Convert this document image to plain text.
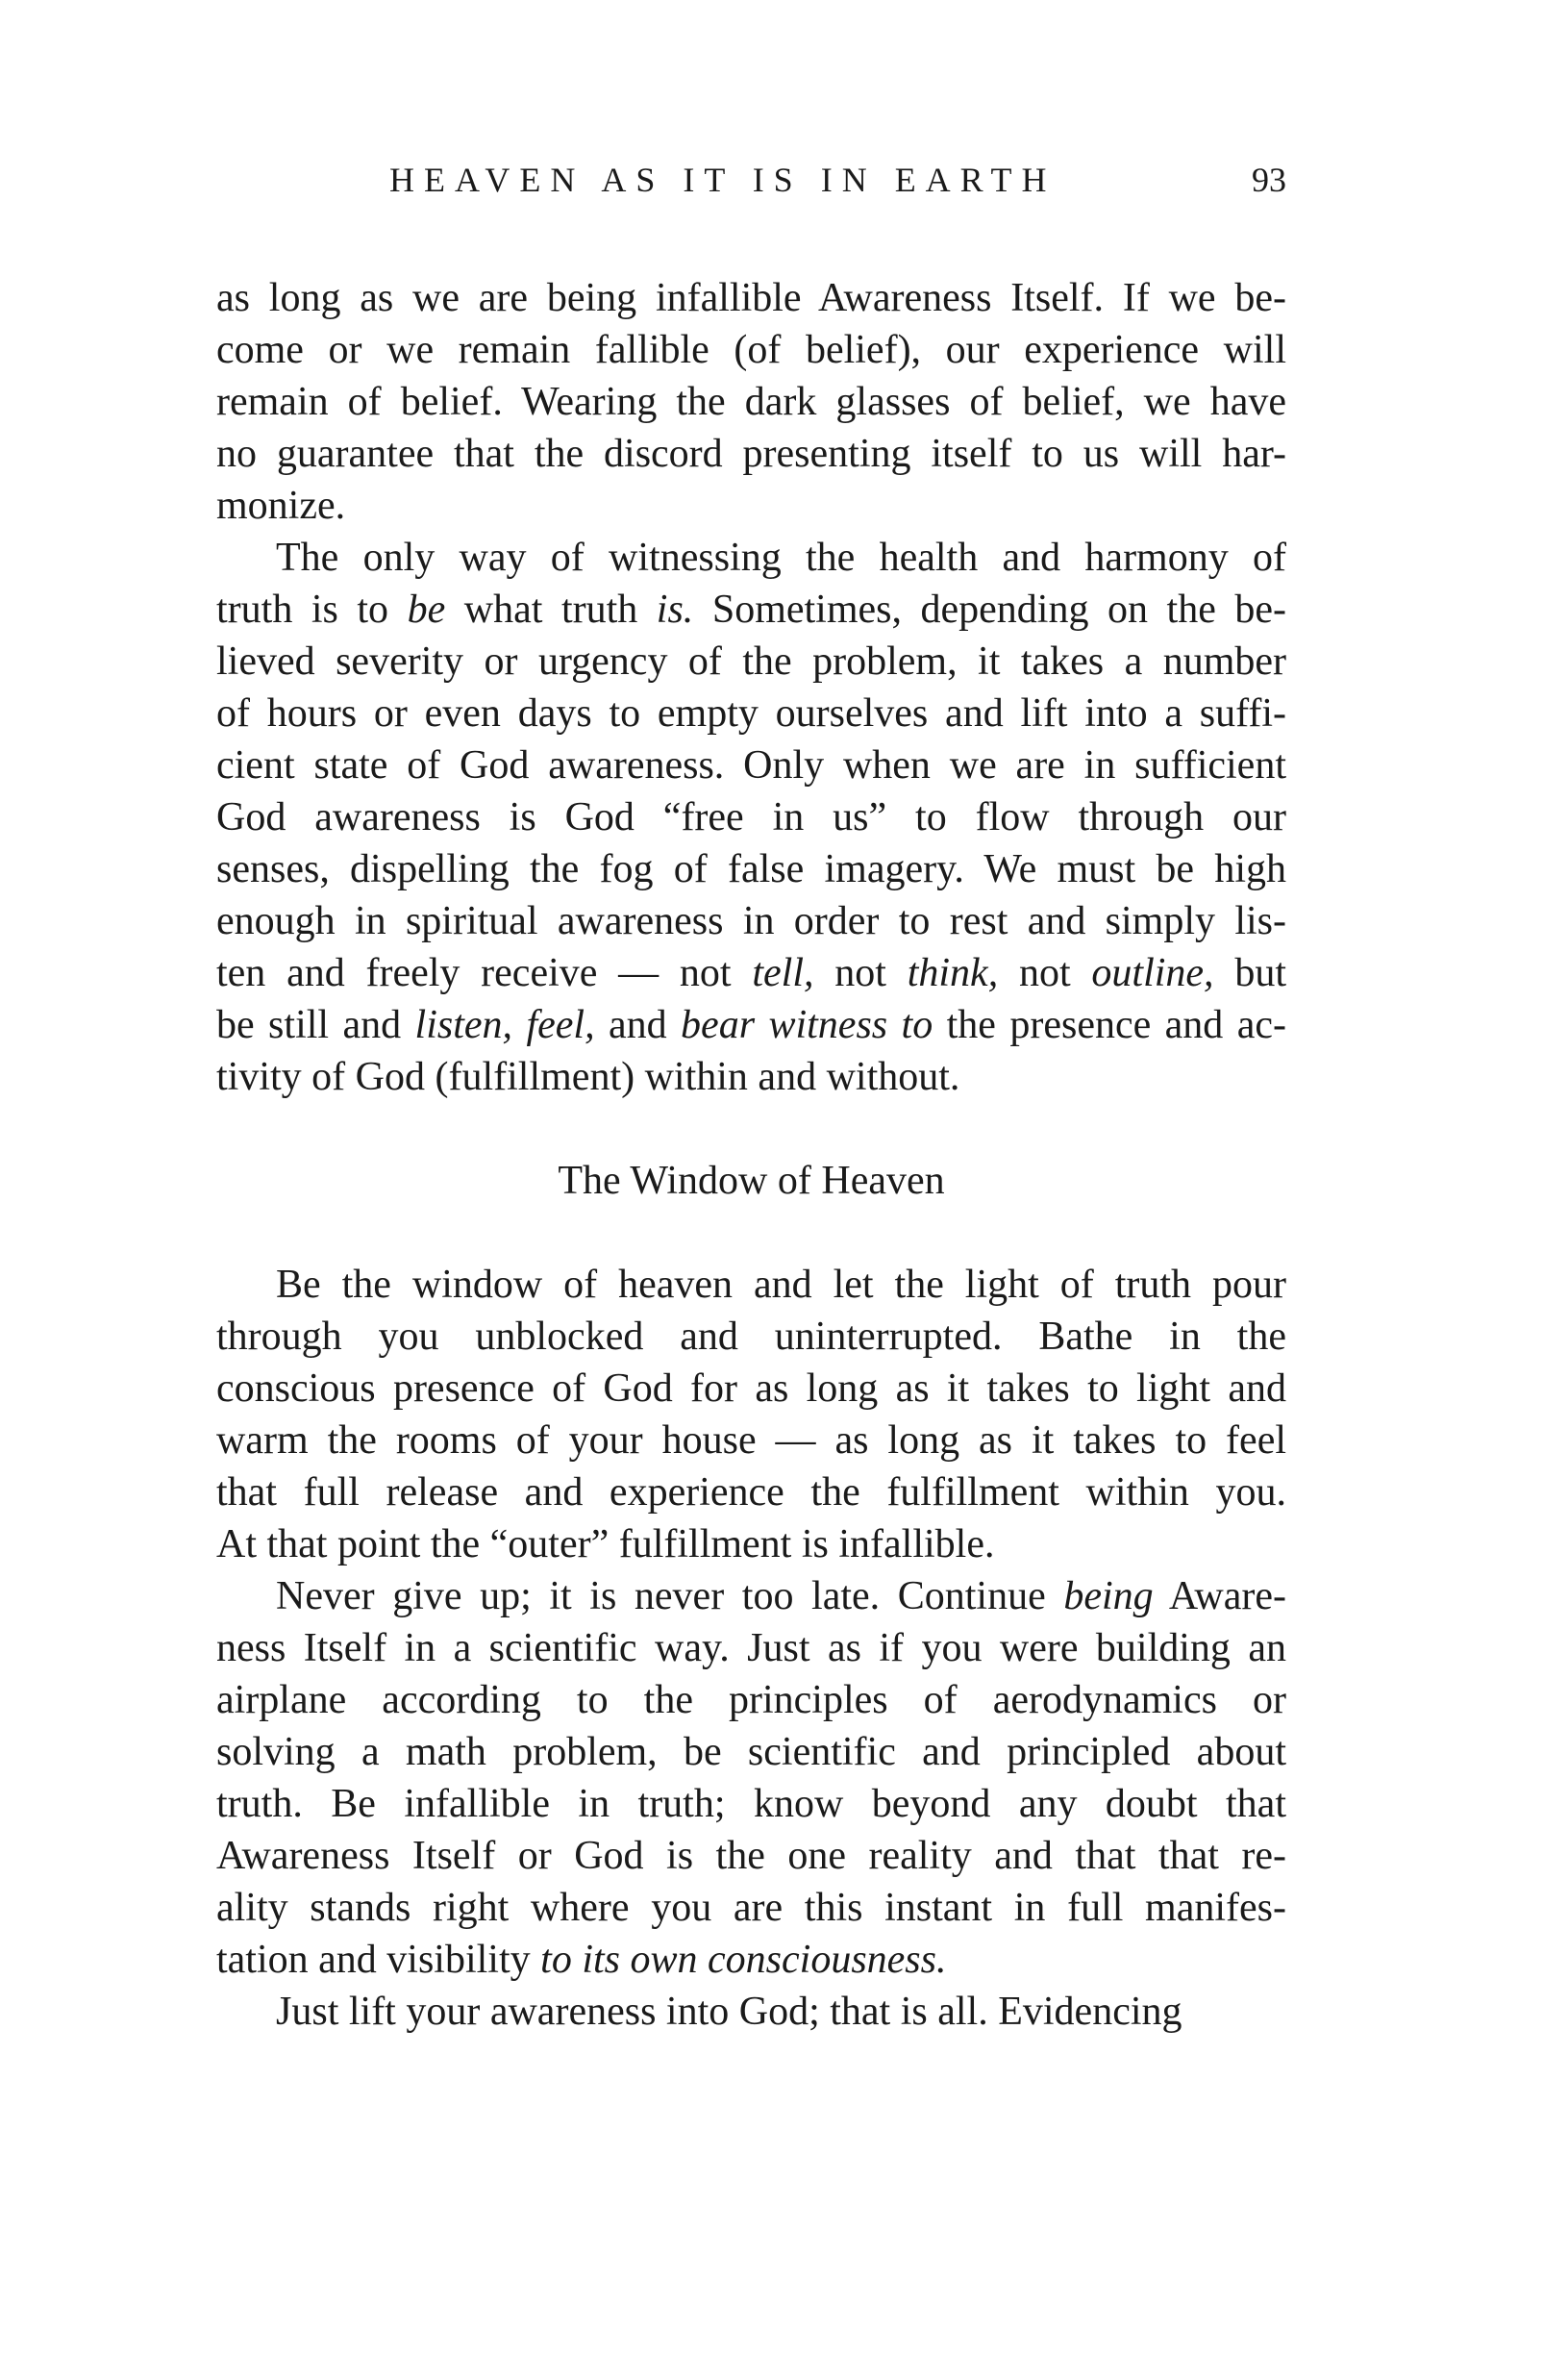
HEAVEN AS IT IS IN EARTH	93
as long as we are being infallible Awareness Itself. If we be-
come or we remain fallible (of belief), our experience will
remain of belief. Wearing the dark glasses of belief, we have
no guarantee that the discord presenting itself to us will har-
monize.
The only way of witnessing the health and harmony of
truth is to be what truth is. Sometimes, depending on the be-
lieved severity or urgency of the problem, it takes a number
of hours or even days to empty ourselves and lift into a suffi-
cient state of God awareness. Only when we are in sufficient
God awareness is God “free in us” to flow through our
senses, dispelling the fog of false imagery. We must be high
enough in spiritual awareness in order to rest and simply lis-
ten and freely receive — not tell, not think, not outline, but
be still and listen, feel, and bear witness to the presence and ac-
tivity of God (fulfillment) within and without.
The Window of Heaven
Be the window of heaven and let the light of truth pour
through you unblocked and uninterrupted. Bathe in the
conscious presence of God for as long as it takes to light and
warm the rooms of your house — as long as it takes to feel
that full release and experience the fulfillment within you.
At that point the “outer” fulfillment is infallible.
Never give up; it is never too late. Continue being Aware-
ness Itself in a scientific way. Just as if you were building an
airplane according to the principles of aerodynamics or
solving a math problem, be scientific and principled about
truth. Be infallible in truth; know beyond any doubt that
Awareness Itself or God is the one reality and that that re-
ality stands right where you are this instant in full manifes-
tation and visibility to its own consciousness.
Just lift your awareness into God; that is all. Evidencing
